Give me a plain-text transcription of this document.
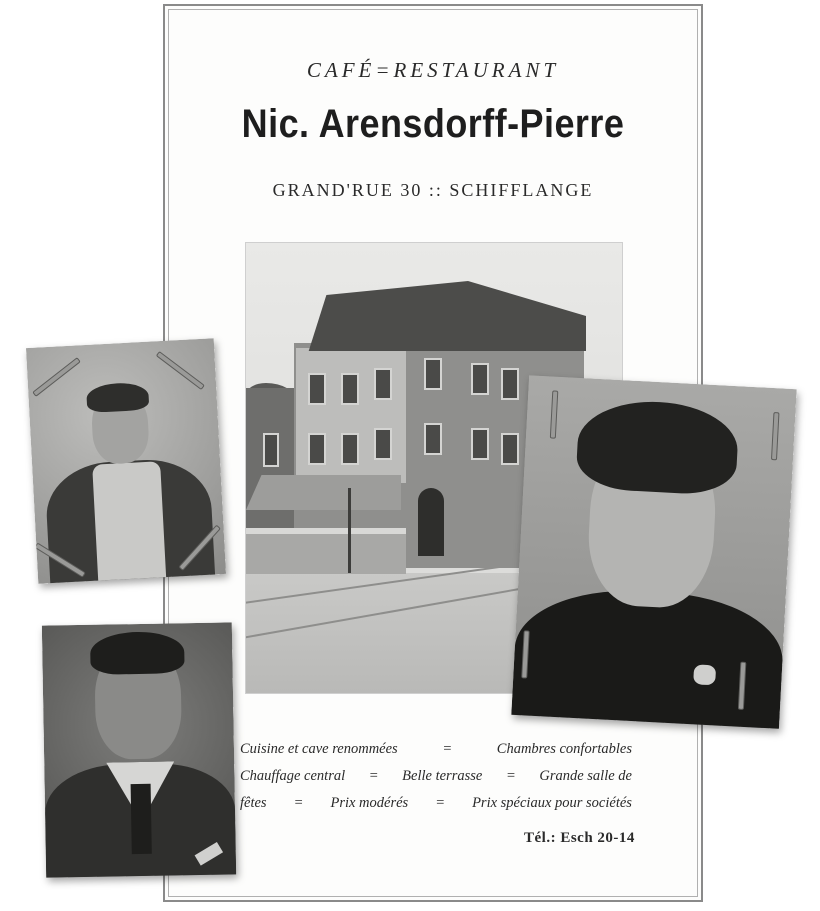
CAFÉ=RESTAURANT
Nic. Arensdorff-Pierre
GRAND'RUE 30 :: SCHIFFLANGE
Cuisine et cave renommées	=	Chambres confortables
Chauffage central = Belle terrasse = Grande salle de
fêtes = Prix modérés = Prix spéciaux pour sociétés
Tél.: Esch 20-14
